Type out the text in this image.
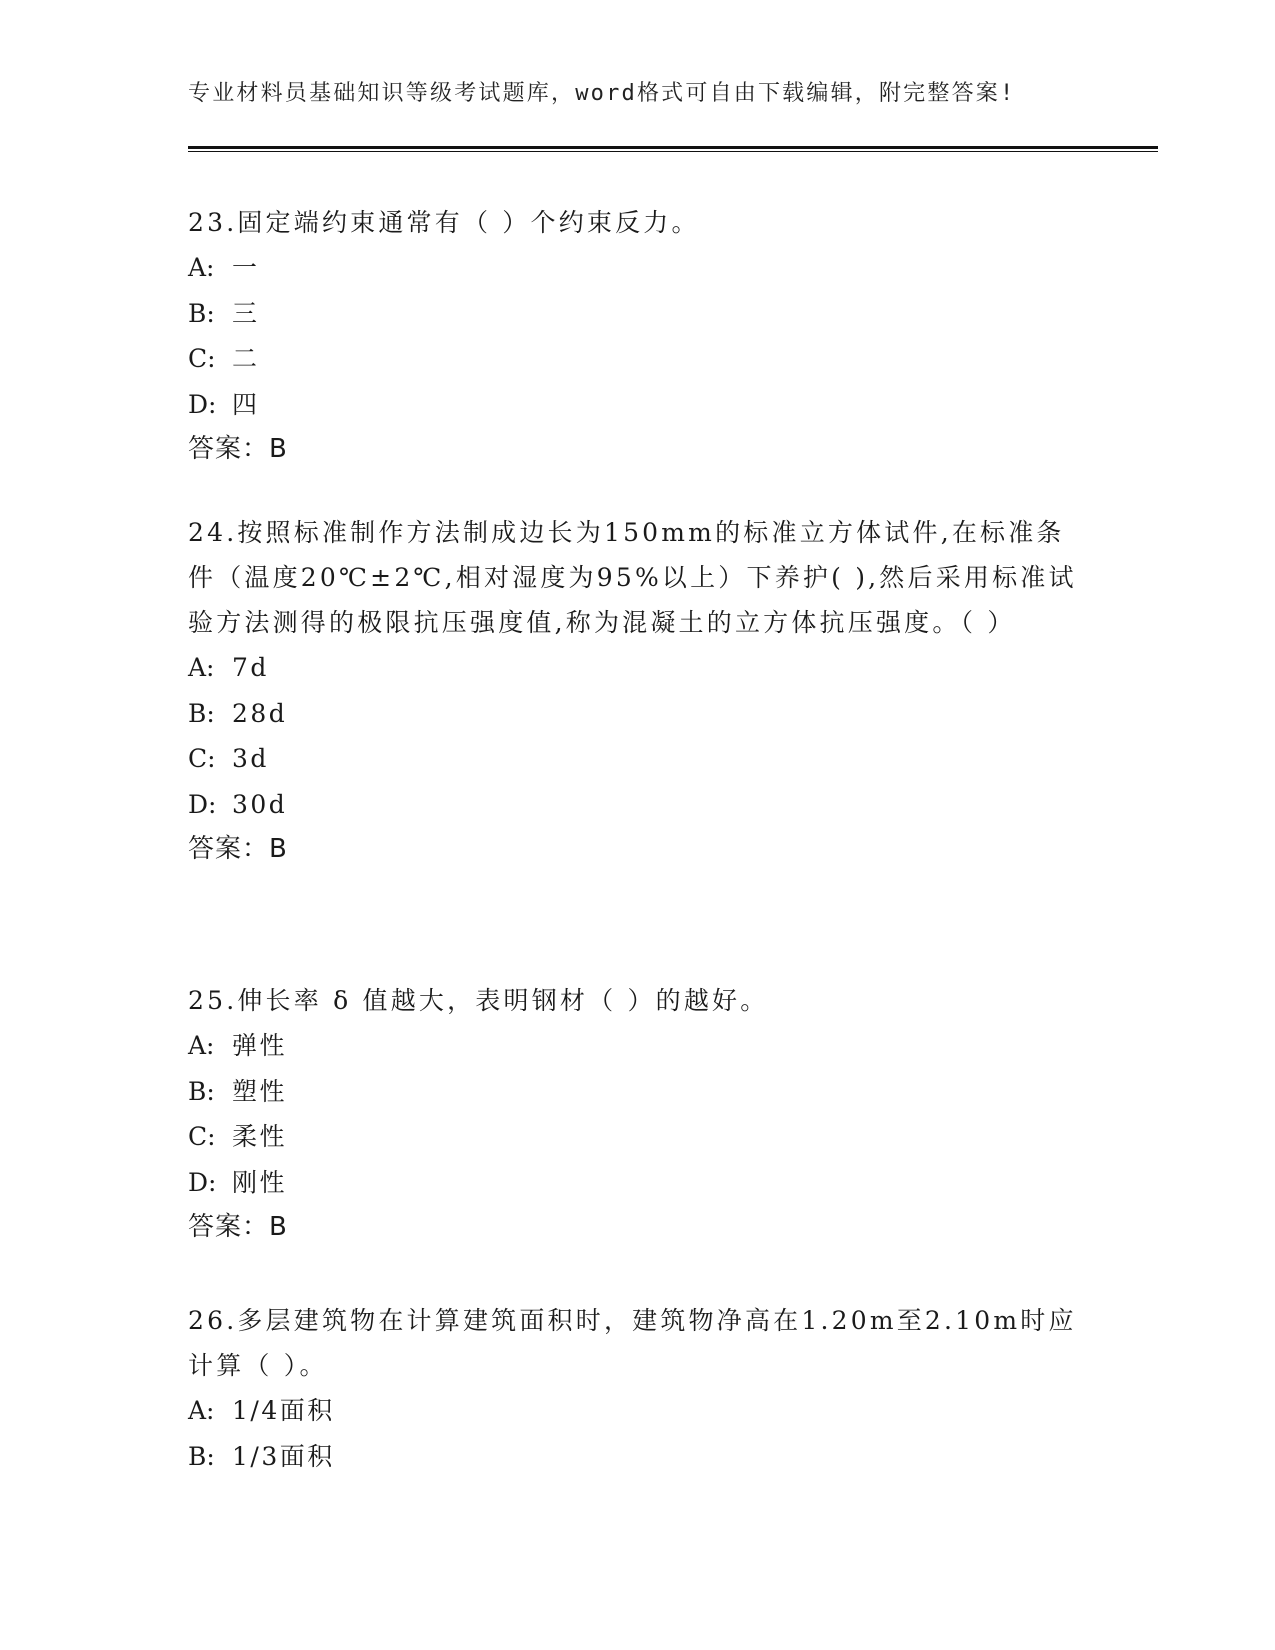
专业材料员基础知识等级考试题库，word格式可自由下载编辑，附完整答案!

23.固定端约束通常有（ ）个约束反力。

A: 一

B: 三

C: 二

D: 四

答案：B

24.按照标准制作方法制成边长为150mm的标准立方体试件,在标准条件（温度20℃±2℃,相对湿度为95%以上）下养护( ),然后采用标准试验方法测得的极限抗压强度值,称为混凝土的立方体抗压强度。（ ）

A: 7d

B: 28d

C: 3d

D: 30d

答案：B

25.伸长率 δ 值越大，表明钢材（ ）的越好。

A: 弹性

B: 塑性

C: 柔性

D: 刚性

答案：B

26.多层建筑物在计算建筑面积时，建筑物净高在1.20m至2.10m时应计算（ ）。

A: 1/4面积

B: 1/3面积
